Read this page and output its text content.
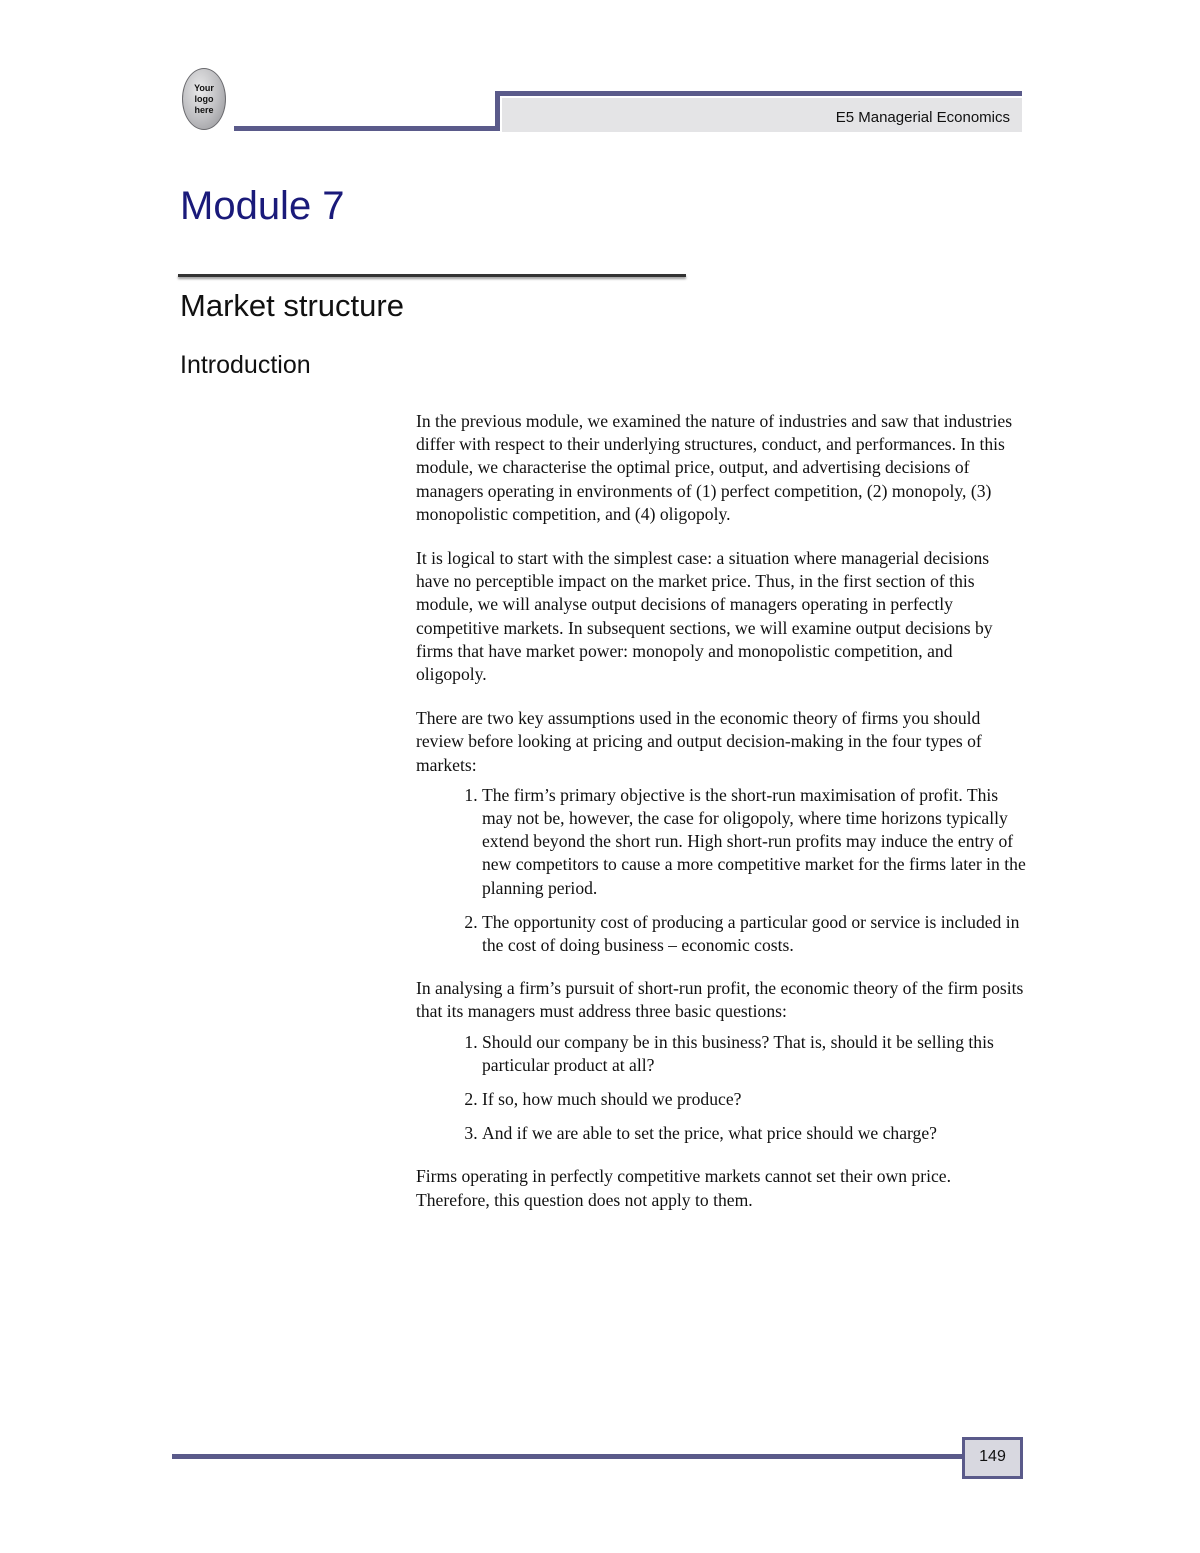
Your
logo
here	E5 Managerial Economics
Module 7
Market structure
Introduction

In the previous module, we examined the nature of industries and saw that industries differ with respect to their underlying structures, conduct, and performances. In this module, we characterise the optimal price, output, and advertising decisions of managers operating in environments of (1) perfect competition, (2) monopoly, (3) monopolistic competition, and (4) oligopoly.

It is logical to start with the simplest case: a situation where managerial decisions have no perceptible impact on the market price. Thus, in the first section of this module, we will analyse output decisions of managers operating in perfectly competitive markets. In subsequent sections, we will examine output decisions by firms that have market power: monopoly and monopolistic competition, and oligopoly.

There are two key assumptions used in the economic theory of firms you should review before looking at pricing and output decision-making in the four types of markets:

1. The firm’s primary objective is the short-run maximisation of profit. This may not be, however, the case for oligopoly, where time horizons typically extend beyond the short run. High short-run profits may induce the entry of new competitors to cause a more competitive market for the firms later in the planning period.
2. The opportunity cost of producing a particular good or service is included in the cost of doing business – economic costs.

In analysing a firm’s pursuit of short-run profit, the economic theory of the firm posits that its managers must address three basic questions:

1. Should our company be in this business? That is, should it be selling this particular product at all?
2. If so, how much should we produce?
3. And if we are able to set the price, what price should we charge?

Firms operating in perfectly competitive markets cannot set their own price. Therefore, this question does not apply to them.

149
